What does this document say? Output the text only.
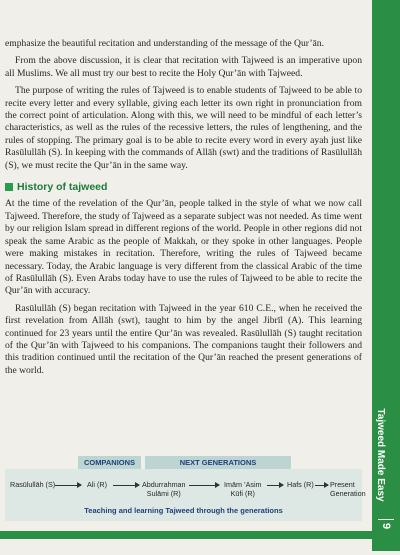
emphasize the beautiful recitation and understanding of the message of the Qur’ān.

From the above discussion, it is clear that recitation with Tajweed is an imperative upon all Muslims. We all must try our best to recite the Holy Qur’ān with Tajweed.

The purpose of writing the rules of Tajweed is to enable students of Tajweed to be able to recite every letter and every syllable, giving each letter its own right in pronunciation from the correct point of articulation. Along with this, we will need to be mindful of each letter’s characteristics, as well as the rules of the recessive letters, the rules of lengthening, and the rules of stopping. The primary goal is to be able to recite every word in every ayah just like Rasūlullāh (S). In keeping with the commands of Allāh (swt) and the traditions of Rasūlullāh (S), we must recite the Qur’ān in the same way.

History of tajweed

At the time of the revelation of the Qur’ān, people talked in the style of what we now call Tajweed. Therefore, the study of Tajweed as a separate subject was not needed. As time went by our religion Islam spread in different regions of the world. People in other regions did not speak the same Arabic as the people of Makkah, or they spoke in other languages. People were making mistakes in recitation. Therefore, writing the rules of Tajweed became necessary. Today, the Arabic language is very different from the classical Arabic of the time of Rasūlullāh (S). Even Arabs today have to use the rules of Tajweed to be able to recite the Qur’ān with accuracy.

Rasūlullāh (S) began recitation with Tajweed in the year 610 C.E., when he received the first revelation from Allāh (swt), taught to him by the angel Jibrīl (A). This learning continued for 23 years until the entire Qur’ān was revealed. Rasūlullāh (S) taught recitation of the Qur’ān with Tajweed to his companions. The companions taught their followers and this tradition continued until the recitation of the Qur’ān reached the present generations of the world.

COMPANIONS	NEXT GENERATIONS
Rasūlullāh (S)	Ali (R)	Abdurrahman
Sulāmi (R)
Imām ’Asim
Kūfi (R)
Hafs (R) Present
Generation
Teaching and learning Tajweed through the generations
Tajweed Made Easy
9
